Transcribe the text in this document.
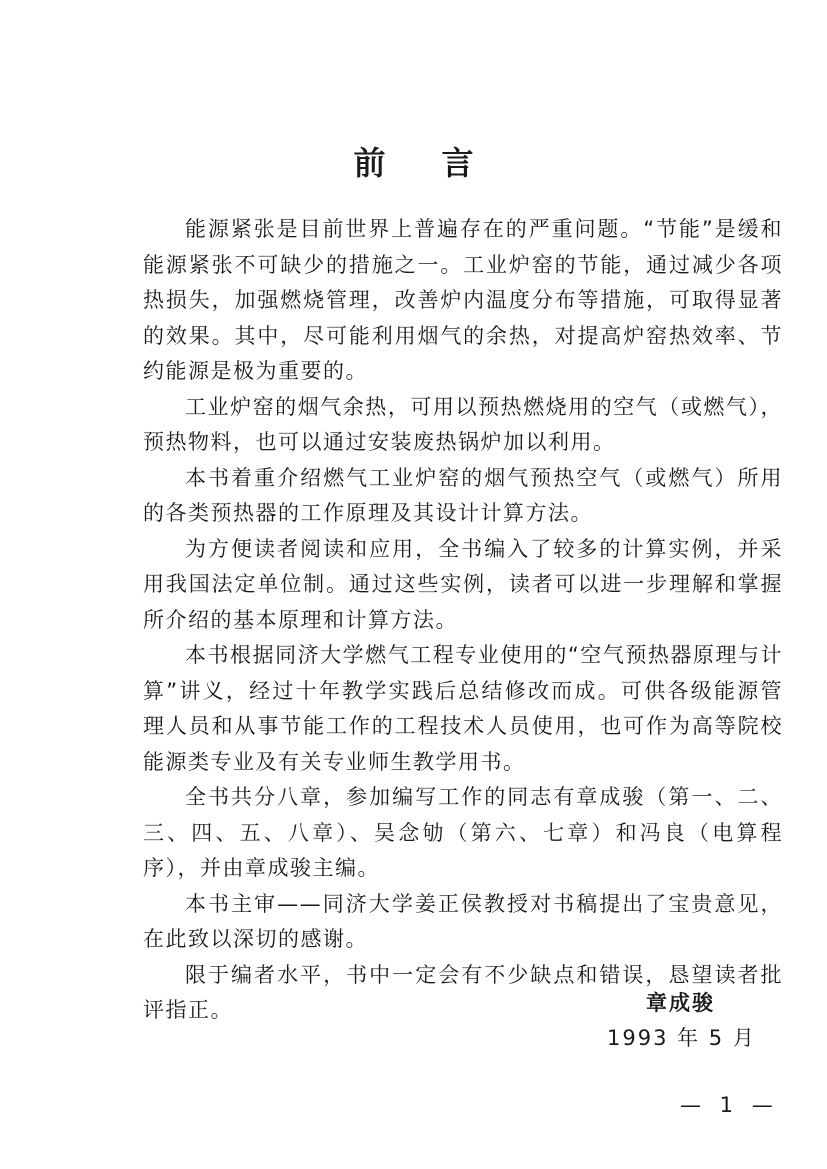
前 言

能源紧张是目前世界上普遍存在的严重问题。“节能”是缓和能源紧张不可缺少的措施之一。工业炉窑的节能，通过减少各项热损失，加强燃烧管理，改善炉内温度分布等措施，可取得显著的效果。其中，尽可能利用烟气的余热，对提高炉窑热效率、节约能源是极为重要的。

工业炉窑的烟气余热，可用以预热燃烧用的空气（或燃气），预热物料，也可以通过安装废热锅炉加以利用。

本书着重介绍燃气工业炉窑的烟气预热空气（或燃气）所用的各类预热器的工作原理及其设计计算方法。

为方便读者阅读和应用，全书编入了较多的计算实例，并采用我国法定单位制。通过这些实例，读者可以进一步理解和掌握所介绍的基本原理和计算方法。

本书根据同济大学燃气工程专业使用的“空气预热器原理与计算”讲义，经过十年教学实践后总结修改而成。可供各级能源管理人员和从事节能工作的工程技术人员使用，也可作为高等院校能源类专业及有关专业师生教学用书。

全书共分八章，参加编写工作的同志有章成骏（第一、二、三、四、五、八章）、吴念劬（第六、七章）和冯良（电算程序），并由章成骏主编。

本书主审——同济大学姜正侯教授对书稿提出了宝贵意见，在此致以深切的感谢。

限于编者水平，书中一定会有不少缺点和错误，恳望读者批评指正。	章成骏
1993 年 5 月
— 1 —
